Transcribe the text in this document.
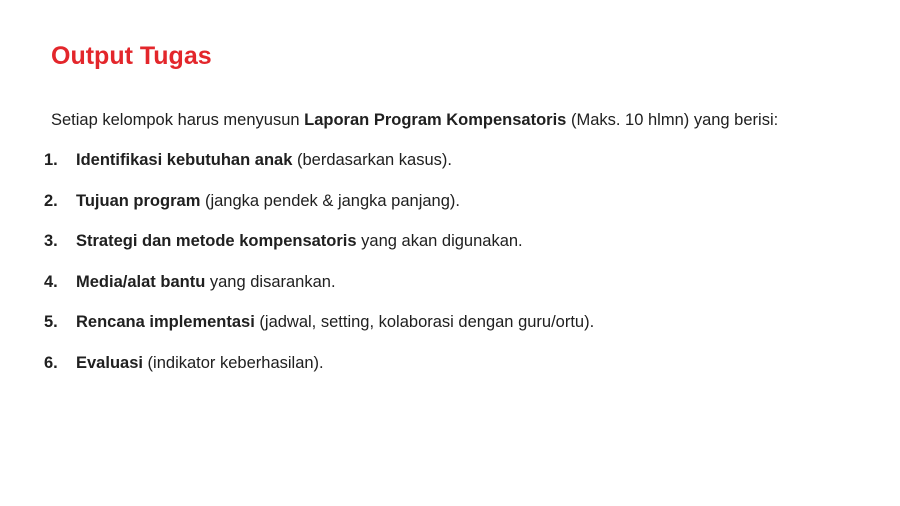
Output Tugas

Setiap kelompok harus menyusun Laporan Program Kompensatoris (Maks. 10 hlmn) yang berisi:

1. Identifikasi kebutuhan anak (berdasarkan kasus).
2. Tujuan program (jangka pendek & jangka panjang).
3. Strategi dan metode kompensatoris yang akan digunakan.
4. Media/alat bantu yang disarankan.
5. Rencana implementasi (jadwal, setting, kolaborasi dengan guru/ortu).
6. Evaluasi (indikator keberhasilan).
